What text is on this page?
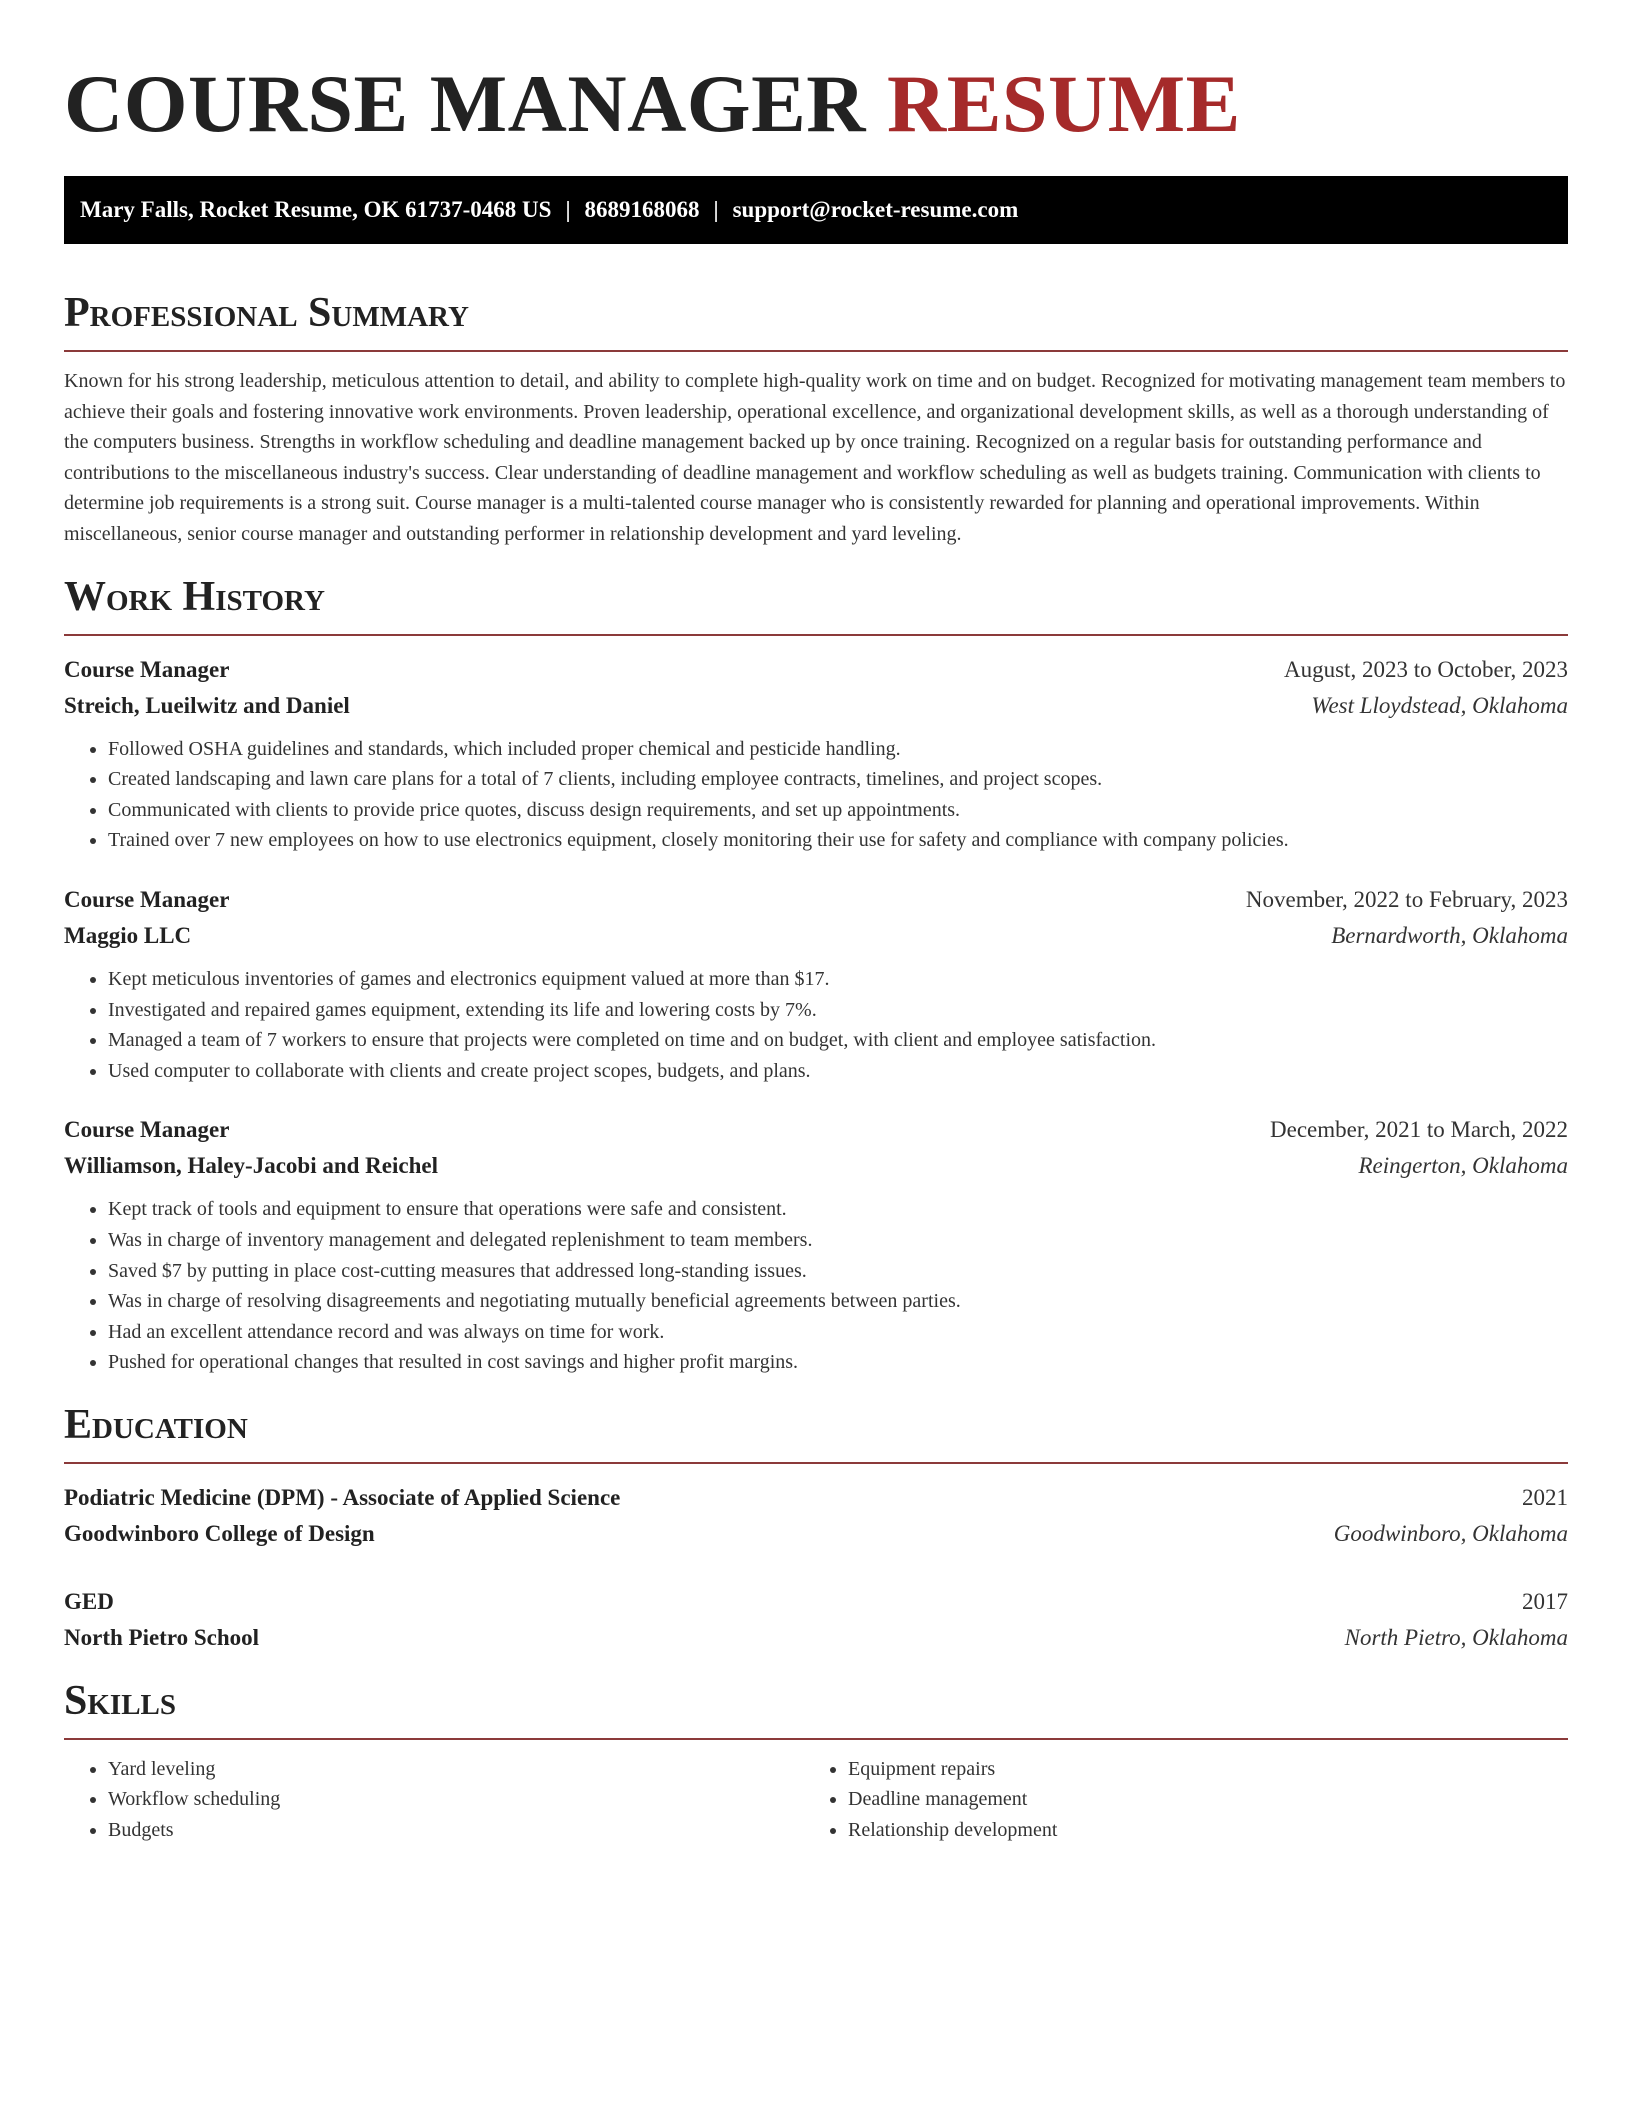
COURSE MANAGER RESUME
Mary Falls, Rocket Resume, OK 61737-0468 US | 8689168068 | support@rocket-resume.com
Professional Summary

Known for his strong leadership, meticulous attention to detail, and ability to complete high-quality work on time and on budget. Recognized for motivating management team members to achieve their goals and fostering innovative work environments. Proven leadership, operational excellence, and organizational development skills, as well as a thorough understanding of the computers business. Strengths in workflow scheduling and deadline management backed up by once training. Recognized on a regular basis for outstanding performance and contributions to the miscellaneous industry's success. Clear understanding of deadline management and workflow scheduling as well as budgets training. Communication with clients to determine job requirements is a strong suit. Course manager is a multi-talented course manager who is consistently rewarded for planning and operational improvements. Within miscellaneous, senior course manager and outstanding performer in relationship development and yard leveling.

Work History
Course Manager	August, 2023 to October, 2023
Streich, Lueilwitz and Daniel	West Lloydstead, Oklahoma
• Followed OSHA guidelines and standards, which included proper chemical and pesticide handling.
• Created landscaping and lawn care plans for a total of 7 clients, including employee contracts, timelines, and project scopes.
• Communicated with clients to provide price quotes, discuss design requirements, and set up appointments.
• Trained over 7 new employees on how to use electronics equipment, closely monitoring their use for safety and compliance with company policies.
Course Manager	November, 2022 to February, 2023
Maggio LLC	Bernardworth, Oklahoma
• Kept meticulous inventories of games and electronics equipment valued at more than $17.
• Investigated and repaired games equipment, extending its life and lowering costs by 7%.
• Managed a team of 7 workers to ensure that projects were completed on time and on budget, with client and employee satisfaction.
• Used computer to collaborate with clients and create project scopes, budgets, and plans.
Course Manager	December, 2021 to March, 2022
Williamson, Haley-Jacobi and Reichel	Reingerton, Oklahoma
• Kept track of tools and equipment to ensure that operations were safe and consistent.
• Was in charge of inventory management and delegated replenishment to team members.
• Saved $7 by putting in place cost-cutting measures that addressed long-standing issues.
• Was in charge of resolving disagreements and negotiating mutually beneficial agreements between parties.
• Had an excellent attendance record and was always on time for work.
• Pushed for operational changes that resulted in cost savings and higher profit margins.
Education
Podiatric Medicine (DPM) - Associate of Applied Science	2021
Goodwinboro College of Design	Goodwinboro, Oklahoma
GED	2017
North Pietro School	North Pietro, Oklahoma
Skills
• Yard leveling
• Workflow scheduling
• Budgets
• Equipment repairs
• Deadline management
• Relationship development
